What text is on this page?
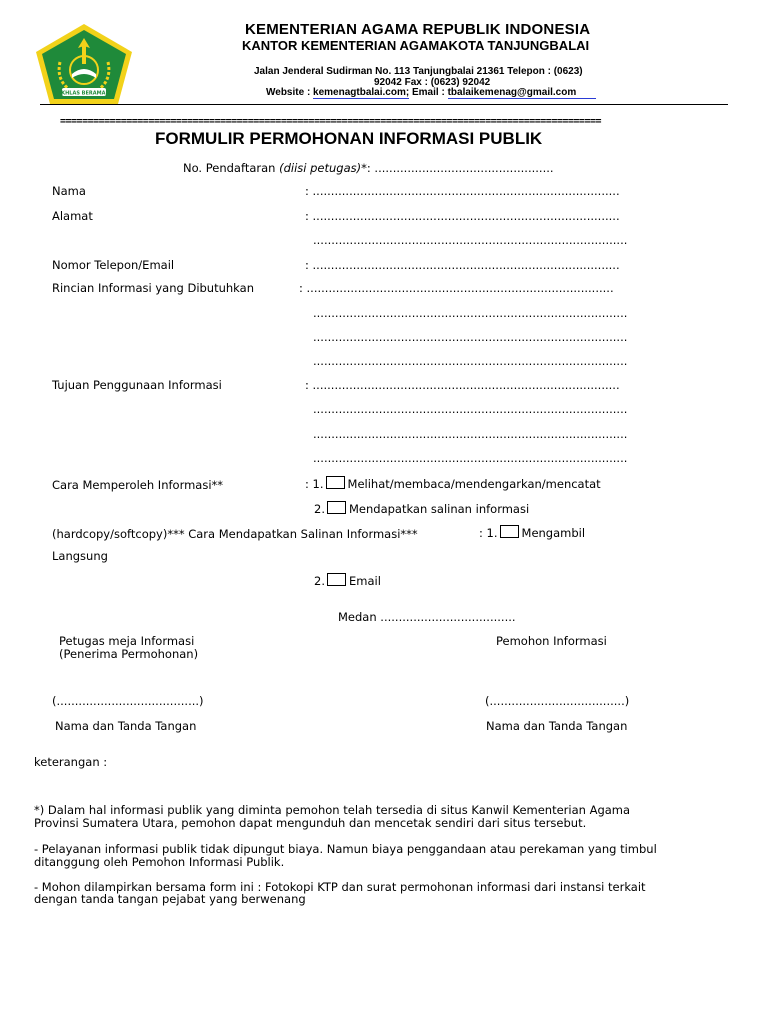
IKHLAS BERAMAL
KEMENTERIAN AGAMA REPUBLIK INDONESIA
KANTOR KEMENTERIAN AGAMAKOTA TANJUNGBALAI
Jalan Jenderal Sudirman No. 113 Tanjungbalai 21361 Telepon : (0623)
92042 Fax : (0623) 92042
Website : kemenagtbalai.com; Email : tbalaikemenag@gmail.com
==================================================================================================
FORMULIR PERMOHONAN INFORMASI PUBLIK
No. Pendaftaran (diisi petugas)*: .................................................
Nama	: ....................................................................................
Alamat	: ....................................................................................
......................................................................................
Nomor Telepon/Email	: ....................................................................................
Rincian Informasi yang Dibutuhkan	: ....................................................................................
......................................................................................
......................................................................................
......................................................................................
Tujuan Penggunaan Informasi	: ....................................................................................
......................................................................................
......................................................................................
......................................................................................
Cara Memperoleh Informasi**	: 1. Melihat/membaca/mendengarkan/mencatat
2. Mendapatkan salinan informasi
(hardcopy/softcopy)*** Cara Mendapatkan Salinan Informasi***	: 1. Mengambil
Langsung
2. Email
Medan .....................................
Petugas meja Informasi
(Penerima Permohonan)
Pemohon Informasi
(.......................................)	(.....................................)
Nama dan Tanda Tangan	Nama dan Tanda Tangan
keterangan :
*) Dalam hal informasi publik yang diminta pemohon telah tersedia di situs Kanwil Kementerian Agama
Provinsi Sumatera Utara, pemohon dapat mengunduh dan mencetak sendiri dari situs tersebut.
- Pelayanan informasi publik tidak dipungut biaya. Namun biaya penggandaan atau perekaman yang timbul
ditanggung oleh Pemohon Informasi Publik.
- Mohon dilampirkan bersama form ini : Fotokopi KTP dan surat permohonan informasi dari instansi terkait
dengan tanda tangan pejabat yang berwenang
